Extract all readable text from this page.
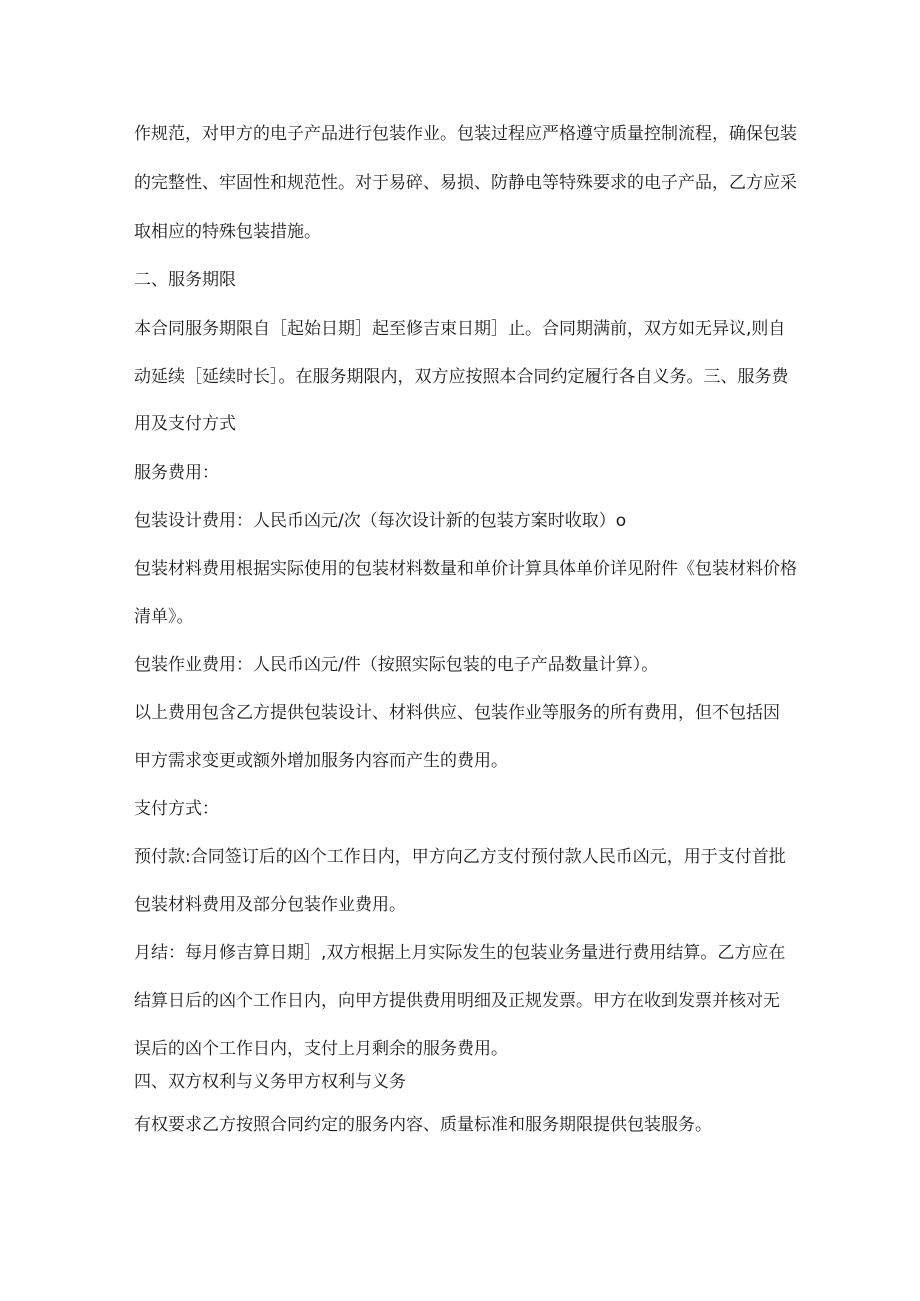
作规范，对甲方的电子产品进行包装作业。包装过程应严格遵守质量控制流程，确保包装
的完整性、牢固性和规范性。对于易碎、易损、防静电等特殊要求的电子产品，乙方应采
取相应的特殊包装措施。
二、服务期限
本合同服务期限自［起始日期］起至修吉束日期］止。合同期满前，双方如无异议,则自
动延续［延续时长］。在服务期限内，双方应按照本合同约定履行各自义务。三、服务费
用及支付方式
服务费用：
包装设计费用：人民币凶元/次（每次设计新的包装方案时收取）o
包装材料费用根据实际使用的包装材料数量和单价计算具体单价详见附件《包装材料价格
清单》。
包装作业费用：人民币凶元/件（按照实际包装的电子产品数量计算）。
以上费用包含乙方提供包装设计、材料供应、包装作业等服务的所有费用，但不包括因
甲方需求变更或额外增加服务内容而产生的费用。
支付方式：
预付款:合同签订后的凶个工作日内，甲方向乙方支付预付款人民币凶元，用于支付首批
包装材料费用及部分包装作业费用。
月结：每月修吉算日期］,双方根据上月实际发生的包装业务量进行费用结算。乙方应在
结算日后的凶个工作日内，向甲方提供费用明细及正规发票。甲方在收到发票并核对无
误后的凶个工作日内，支付上月剩余的服务费用。
四、双方权利与义务甲方权利与义务
有权要求乙方按照合同约定的服务内容、质量标准和服务期限提供包装服务。
